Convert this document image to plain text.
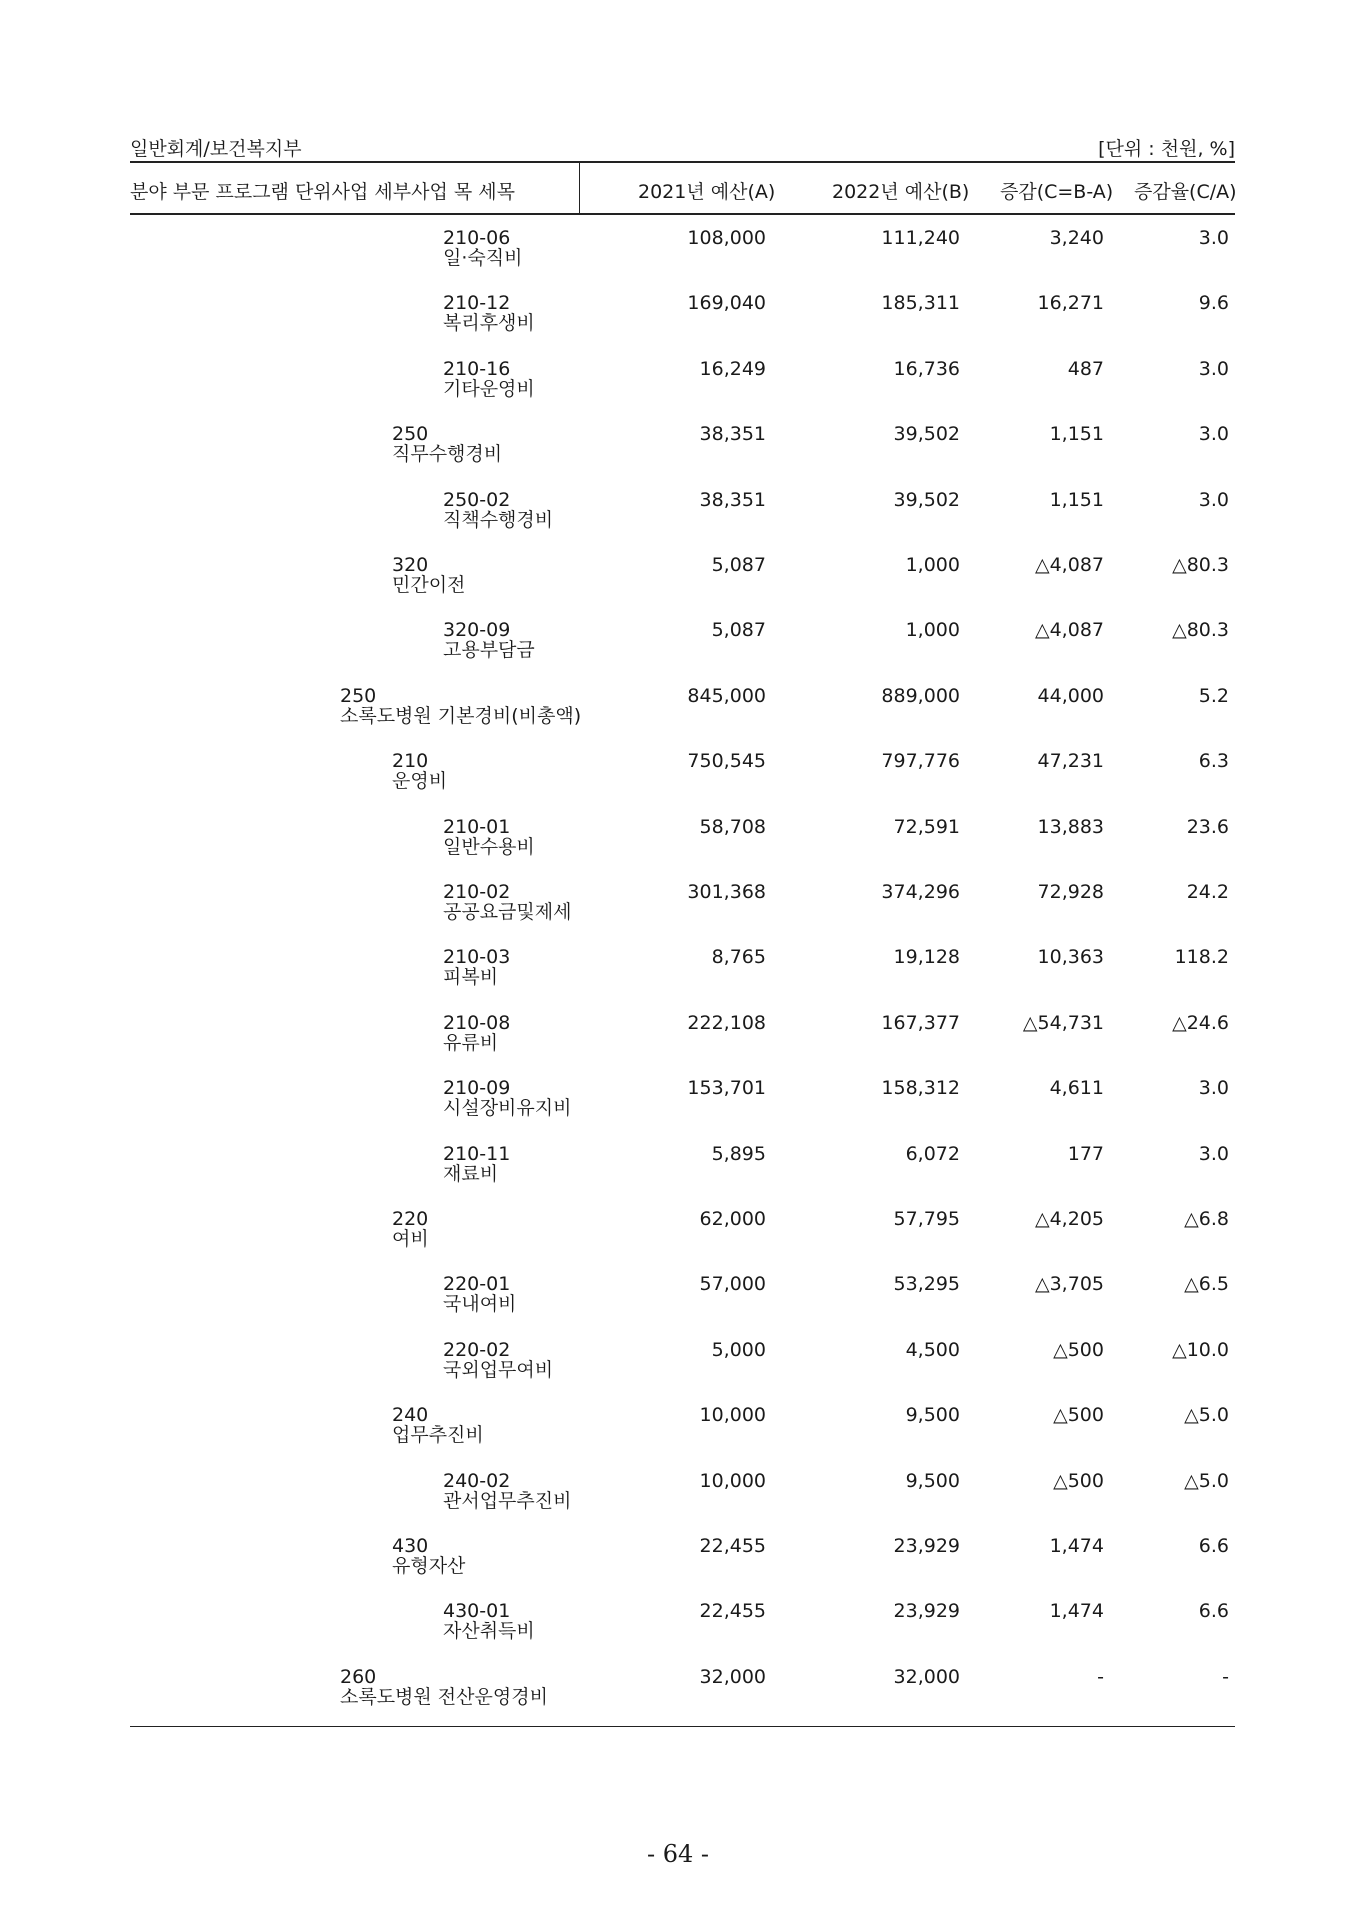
일반회계/보건복지부	[단위 : 천원, %]
분야 부문 프로그램 단위사업 세부사업 목 세목	2021년 예산(A)	2022년 예산(B) 증감(C=B-A) 증감율(C/A)
210-06
일·숙직비
108,000	111,240	3,240	3.0
210-12
복리후생비
169,040	185,311	16,271	9.6
210-16
기타운영비
16,249	16,736	487	3.0
250
직무수행경비
38,351	39,502	1,151	3.0
250-02
직책수행경비
38,351	39,502	1,151	3.0
320
민간이전
5,087	1,000	△4,087	△80.3
320-09
고용부담금
5,087	1,000	△4,087	△80.3
250
소록도병원 기본경비(비총액)
845,000	889,000	44,000	5.2
210
운영비
750,545	797,776	47,231	6.3
210-01
일반수용비
58,708	72,591	13,883	23.6
210-02
공공요금및제세
301,368	374,296	72,928	24.2
210-03
피복비
8,765	19,128	10,363	118.2
210-08
유류비
222,108	167,377	△54,731	△24.6
210-09
시설장비유지비
153,701	158,312	4,611	3.0
210-11
재료비
5,895	6,072	177	3.0
220
여비
62,000	57,795	△4,205	△6.8
220-01
국내여비
57,000	53,295	△3,705	△6.5
220-02
국외업무여비
5,000	4,500	△500	△10.0
240
업무추진비
10,000	9,500	△500	△5.0
240-02
관서업무추진비
10,000	9,500	△500	△5.0
430
유형자산
22,455	23,929	1,474	6.6
430-01
자산취득비
22,455	23,929	1,474	6.6
260
소록도병원 전산운영경비
32,000	32,000	-	-
- 64 -
